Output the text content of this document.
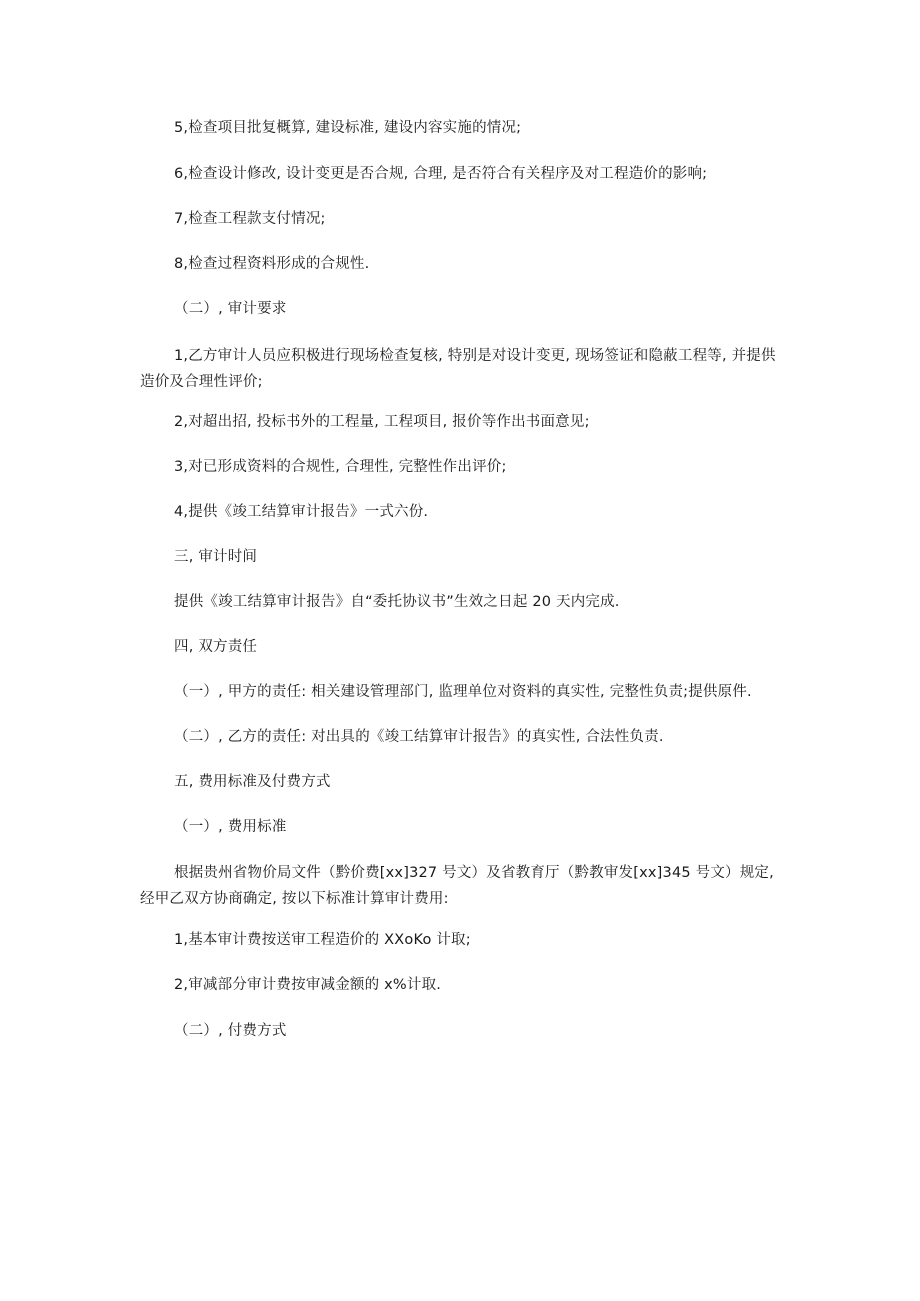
5,检查项目批复概算, 建设标准, 建设内容实施的情况;
6,检查设计修改, 设计变更是否合规, 合理, 是否符合有关程序及对工程造价的影响;
7,检查工程款支付情况;
8,检查过程资料形成的合规性.
（二）, 审计要求
1,乙方审计人员应积极进行现场检查复核, 特别是对设计变更, 现场签证和隐蔽工程等, 并提供造价及合理性评价;
2,对超出招, 投标书外的工程量, 工程项目, 报价等作出书面意见;
3,对已形成资料的合规性, 合理性, 完整性作出评价;
4,提供《竣工结算审计报告》一式六份.
三, 审计时间
提供《竣工结算审计报告》自“委托协议书”生效之日起 20 天内完成.
四, 双方责任
（一）, 甲方的责任: 相关建设管理部门, 监理单位对资料的真实性, 完整性负责;提供原件.
（二）, 乙方的责任: 对出具的《竣工结算审计报告》的真实性, 合法性负责.
五, 费用标准及付费方式
（一）, 费用标准
根据贵州省物价局文件（黔价费[xx]327 号文）及省教育厅（黔教审发[xx]345 号文）规定, 经甲乙双方协商确定, 按以下标准计算审计费用:
1,基本审计费按送审工程造价的 XXoKo 计取;
2,审减部分审计费按审减金额的 x%计取.
（二）, 付费方式
